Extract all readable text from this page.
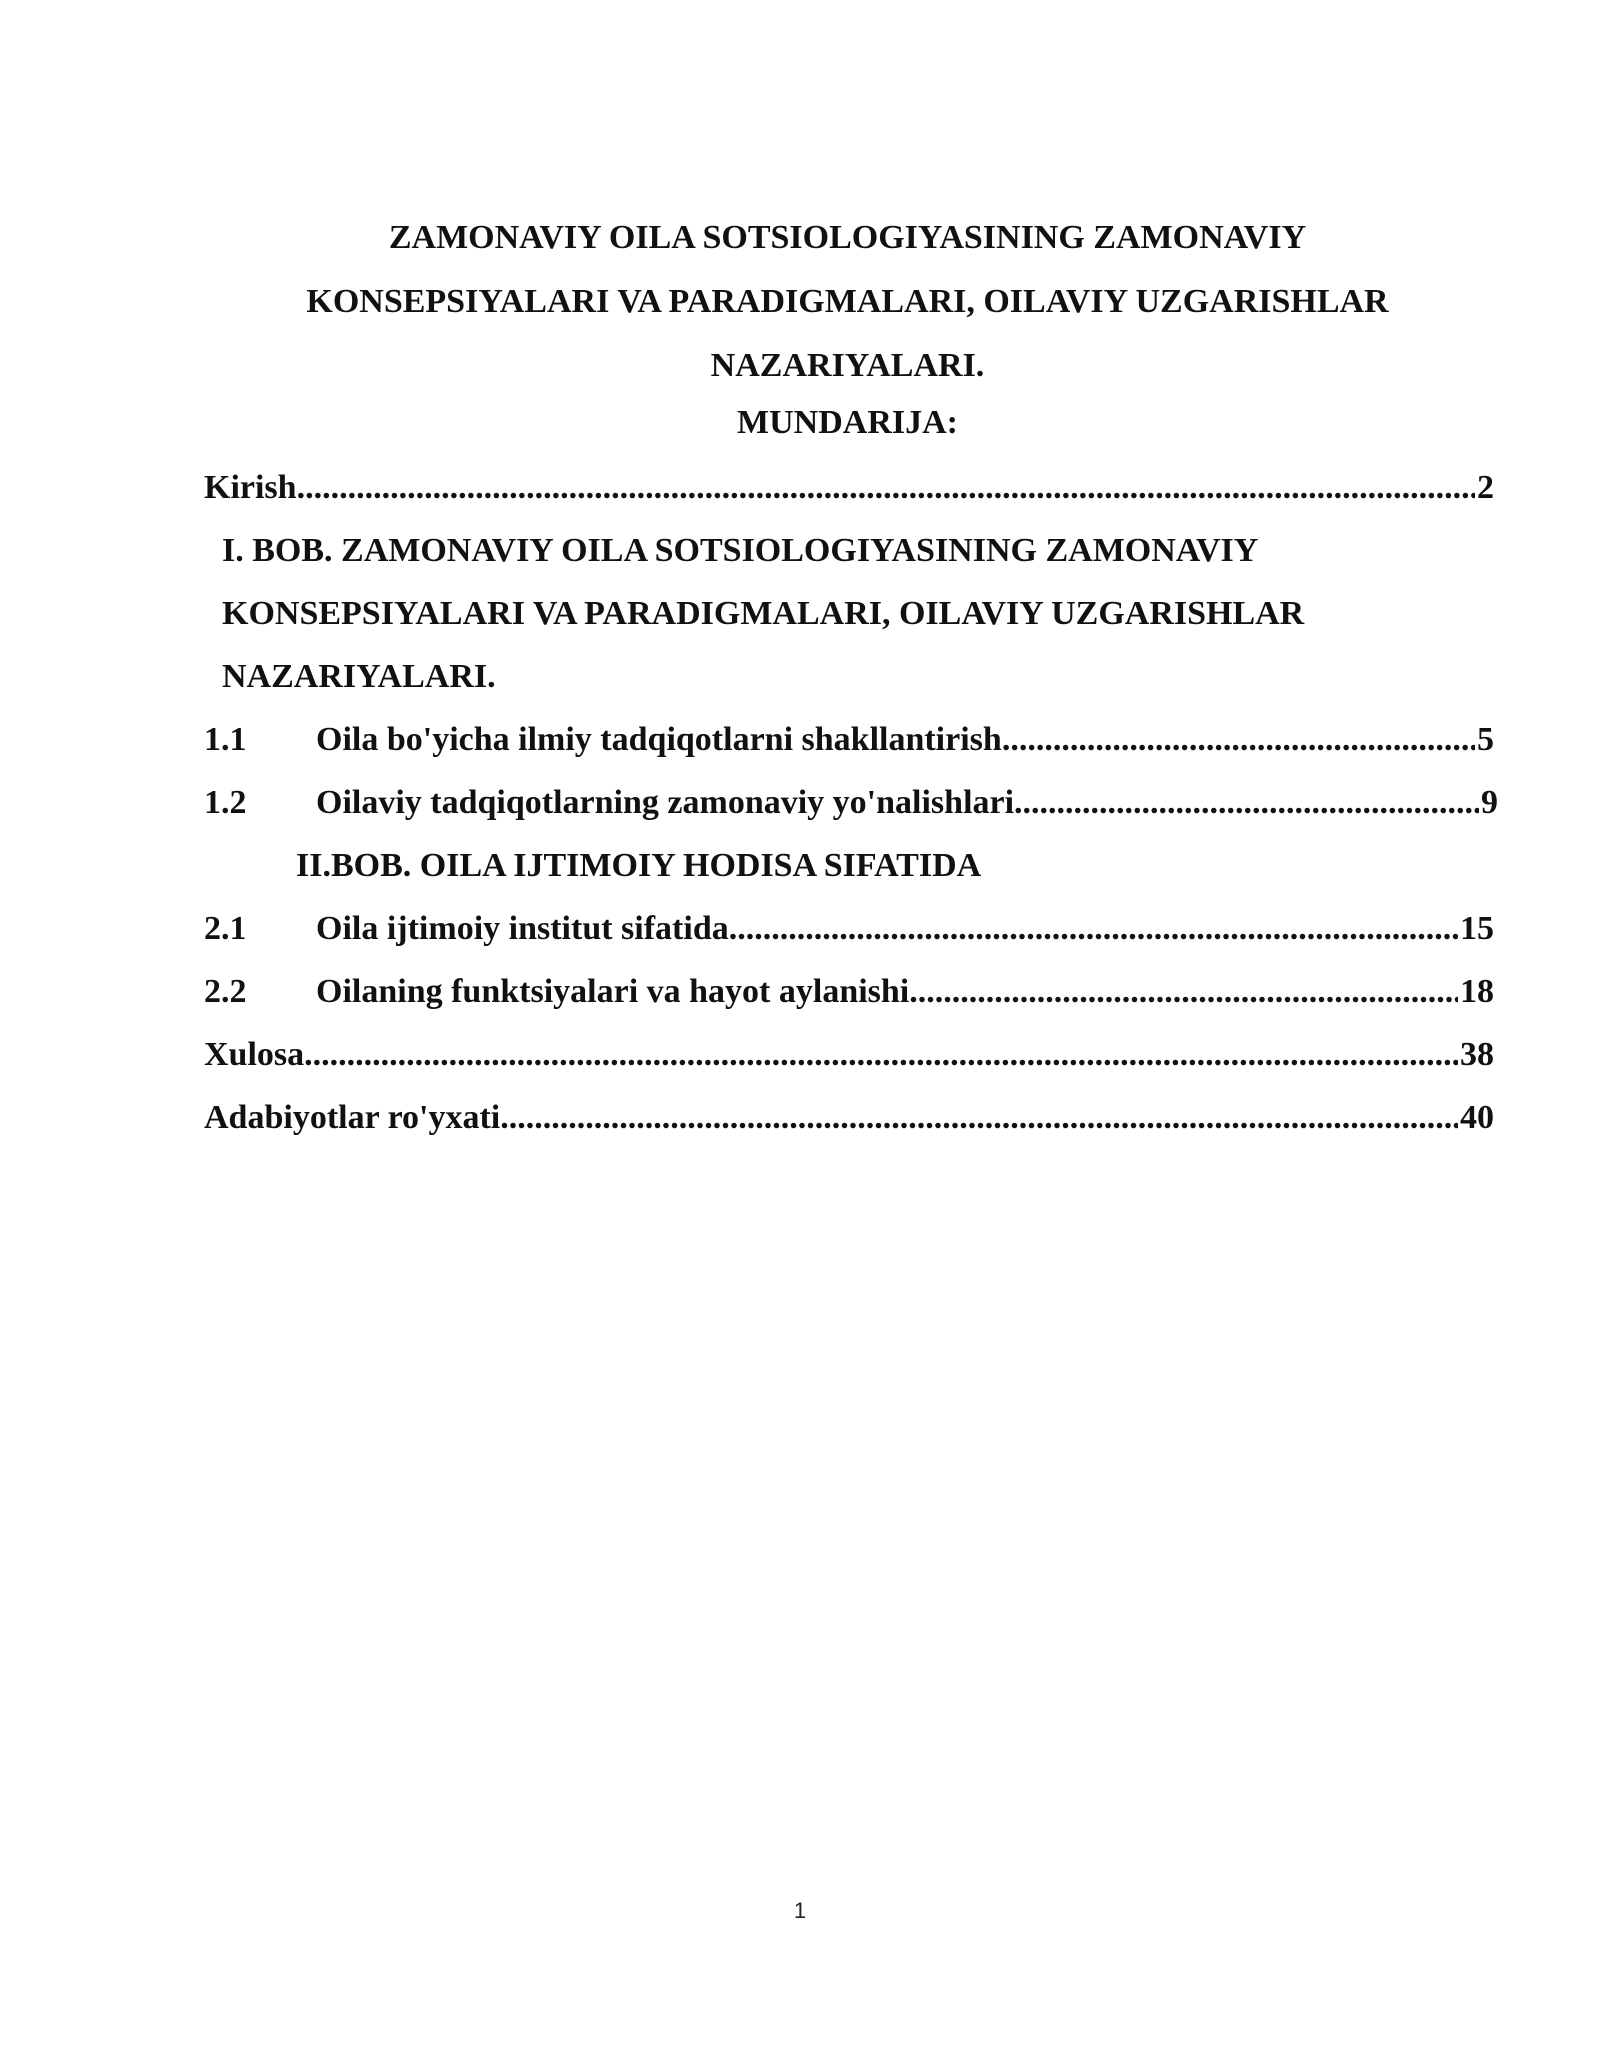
ZAMONAVIY OILA SOTSIOLOGIYASINING ZAMONAVIY
KONSEPSIYALARI VA PARADIGMALARI, OILAVIY UZGARISHLAR
NAZARIYALARI.
MUNDARIJA:
Kirish .....	2
I. BOB. ZAMONAVIY OILA SOTSIOLOGIYASINING ZAMONAVIY
KONSEPSIYALARI VA PARADIGMALARI, OILAVIY UZGARISHLAR
NAZARIYALARI.
1.1	Oila bo'yicha ilmiy tadqiqotlarni shakllantirish .....	5
1.2	Oilaviy tadqiqotlarning zamonaviy yo'nalishlari .....	9
II.BOB. OILA IJTIMOIY HODISA SIFATIDA
2.1	Oila ijtimoiy institut sifatida .....	15
2.2	Oilaning funktsiyalari va hayot aylanishi .....	18
Xulosa .....	38
Adabiyotlar ro'yxati .....	40
1
